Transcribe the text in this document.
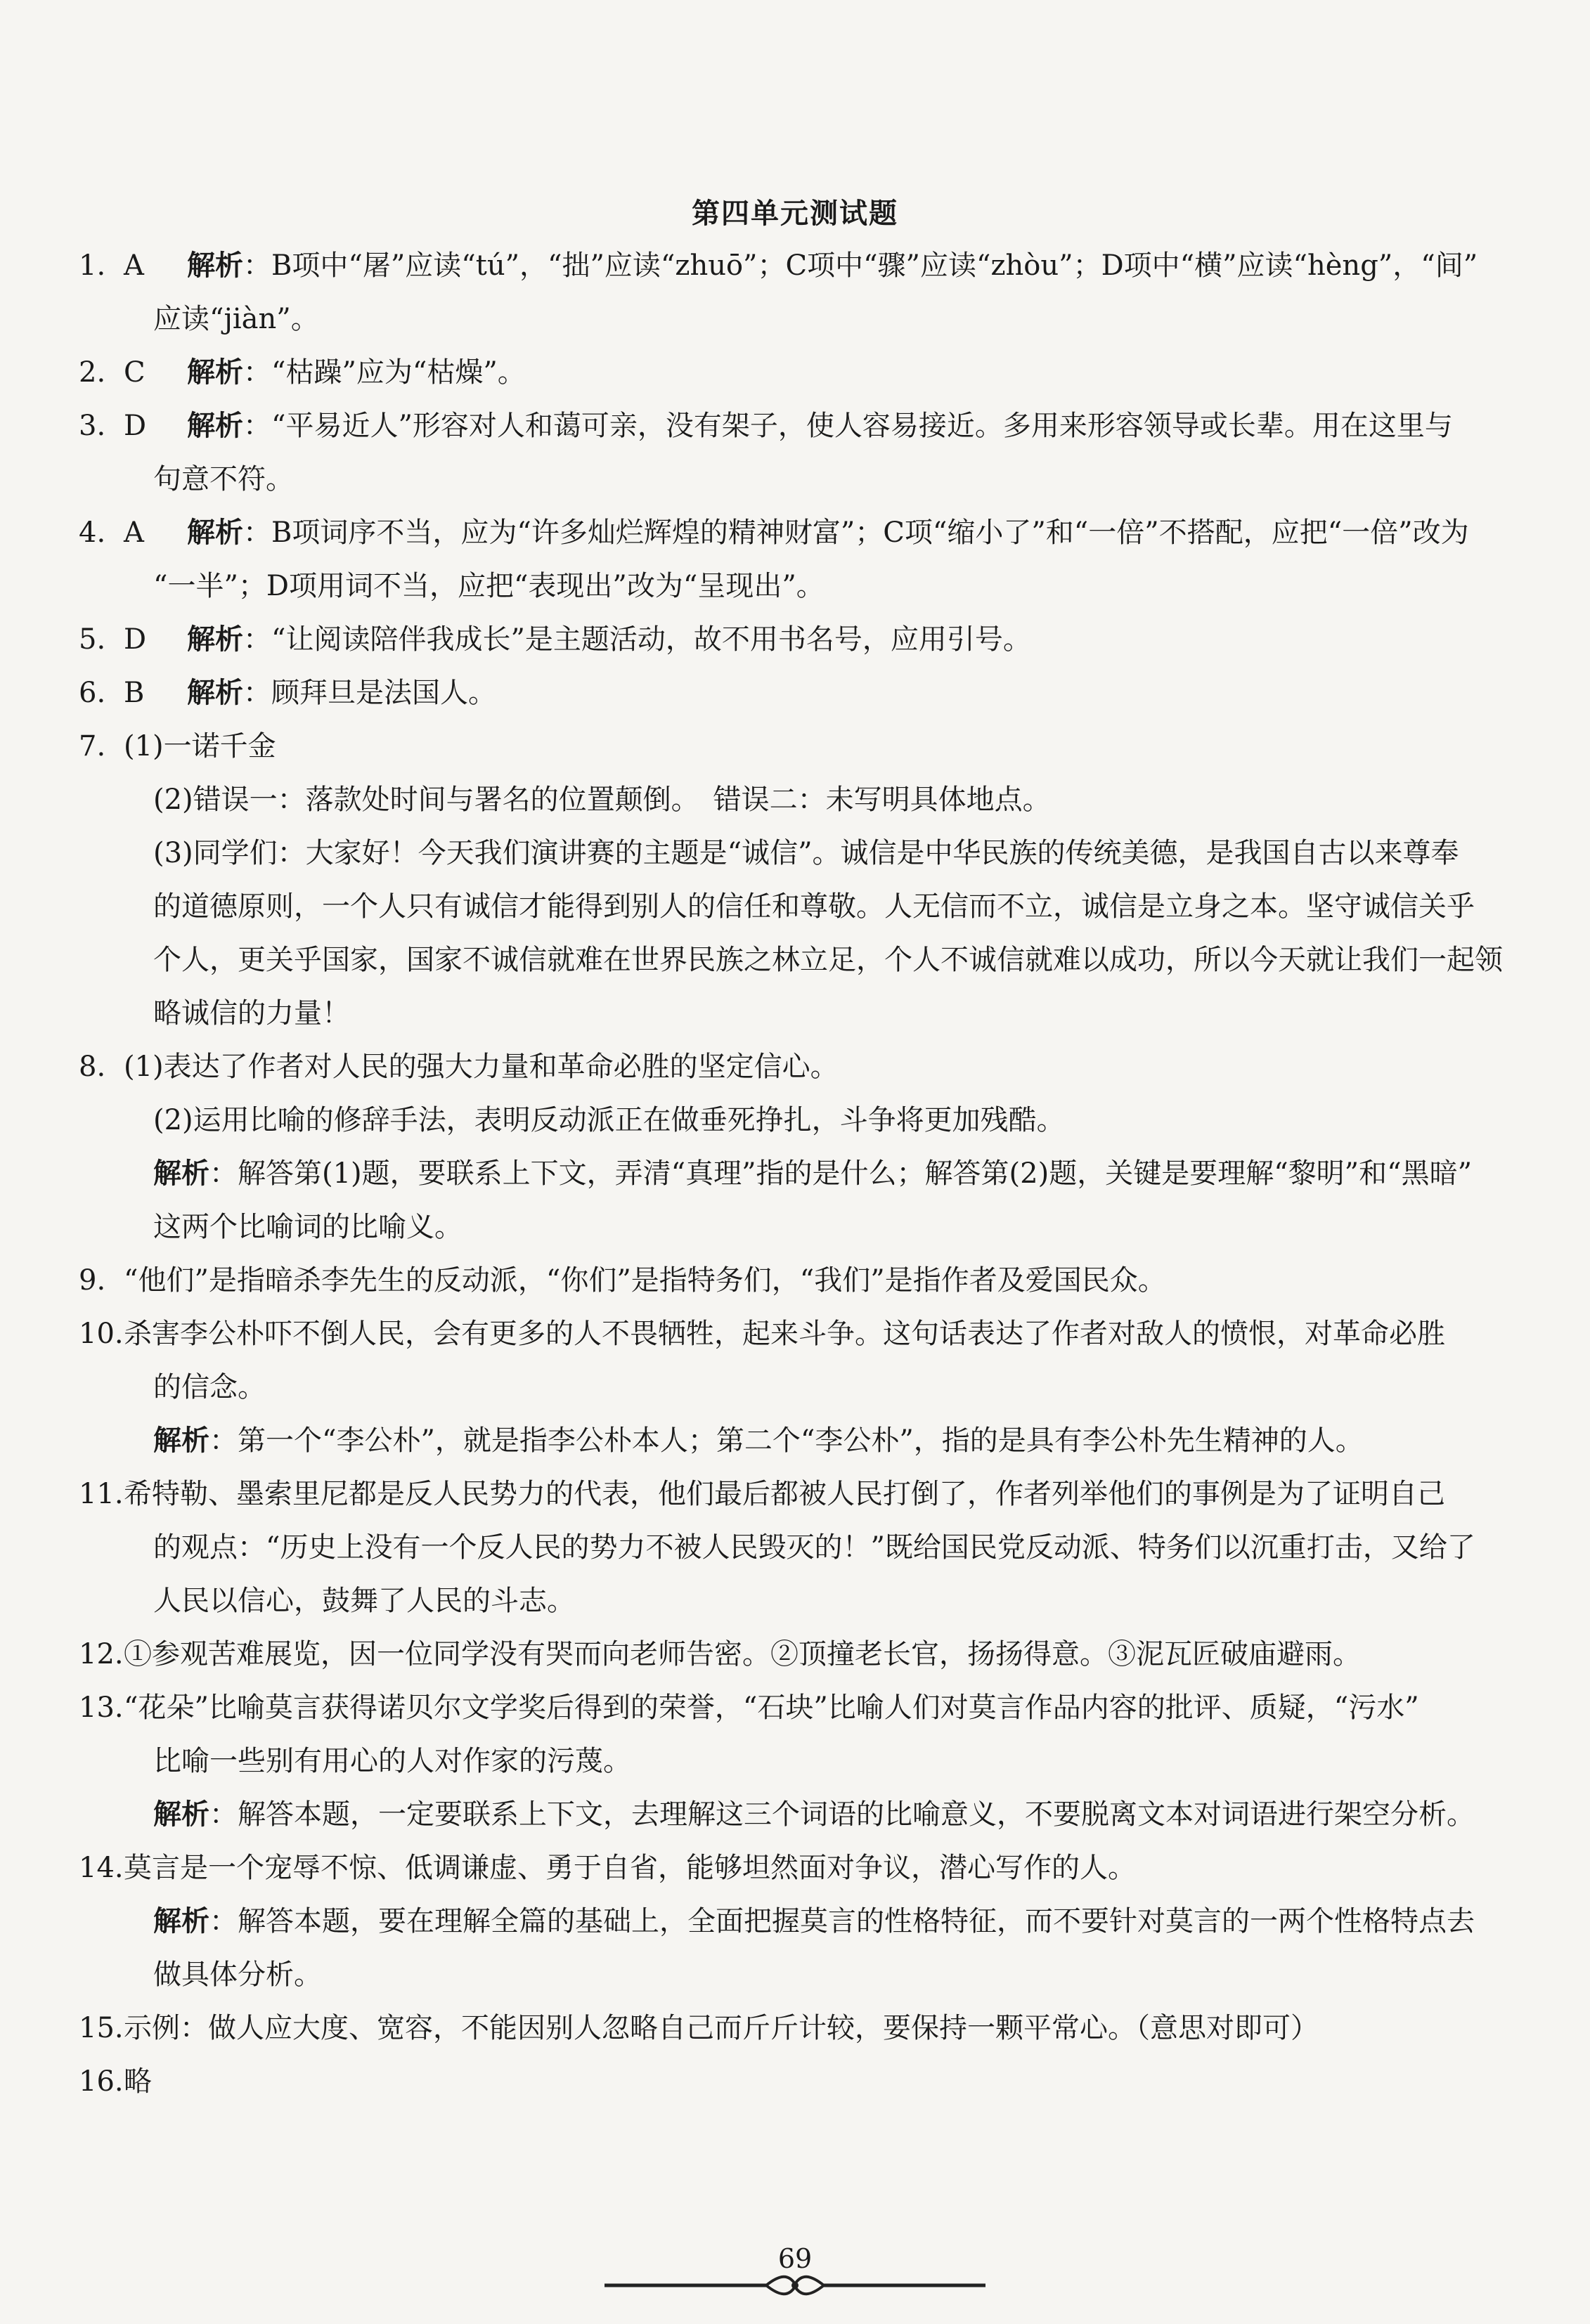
第四单元测试题
1. A 解析：B项中“屠”应读“tú”，“拙”应读“zhuō”；C项中“骤”应读“zhòu”；D项中“横”应读“hèng”，“间”
应读“jiàn”。
2. C 解析：“枯躁”应为“枯燥”。
3. D 解析：“平易近人”形容对人和蔼可亲，没有架子，使人容易接近。多用来形容领导或长辈。用在这里与
句意不符。
4. A 解析：B项词序不当，应为“许多灿烂辉煌的精神财富”；C项“缩小了”和“一倍”不搭配，应把“一倍”改为
“一半”；D项用词不当，应把“表现出”改为“呈现出”。
5. D 解析：“让阅读陪伴我成长”是主题活动，故不用书名号，应用引号。
6. B 解析：顾拜旦是法国人。
7. (1)一诺千金
(2)错误一：落款处时间与署名的位置颠倒。　错误二：未写明具体地点。
(3)同学们：大家好！今天我们演讲赛的主题是“诚信”。诚信是中华民族的传统美德，是我国自古以来尊奉
的道德原则，一个人只有诚信才能得到别人的信任和尊敬。人无信而不立，诚信是立身之本。坚守诚信关乎
个人，更关乎国家，国家不诚信就难在世界民族之林立足，个人不诚信就难以成功，所以今天就让我们一起领
略诚信的力量！
8. (1)表达了作者对人民的强大力量和革命必胜的坚定信心。
(2)运用比喻的修辞手法，表明反动派正在做垂死挣扎，斗争将更加残酷。
解析：解答第(1)题，要联系上下文，弄清“真理”指的是什么；解答第(2)题，关键是要理解“黎明”和“黑暗”
这两个比喻词的比喻义。
9. “他们”是指暗杀李先生的反动派，“你们”是指特务们，“我们”是指作者及爱国民众。
10.杀害李公朴吓不倒人民，会有更多的人不畏牺牲，起来斗争。这句话表达了作者对敌人的愤恨，对革命必胜
的信念。
解析：第一个“李公朴”，就是指李公朴本人；第二个“李公朴”，指的是具有李公朴先生精神的人。
11.希特勒、墨索里尼都是反人民势力的代表，他们最后都被人民打倒了，作者列举他们的事例是为了证明自己
的观点：“历史上没有一个反人民的势力不被人民毁灭的！”既给国民党反动派、特务们以沉重打击，又给了
人民以信心，鼓舞了人民的斗志。
12.①参观苦难展览，因一位同学没有哭而向老师告密。②顶撞老长官，扬扬得意。③泥瓦匠破庙避雨。
13.“花朵”比喻莫言获得诺贝尔文学奖后得到的荣誉，“石块”比喻人们对莫言作品内容的批评、质疑，“污水”
比喻一些别有用心的人对作家的污蔑。
解析：解答本题，一定要联系上下文，去理解这三个词语的比喻意义，不要脱离文本对词语进行架空分析。
14.莫言是一个宠辱不惊、低调谦虚、勇于自省，能够坦然面对争议，潜心写作的人。
解析：解答本题，要在理解全篇的基础上，全面把握莫言的性格特征，而不要针对莫言的一两个性格特点去
做具体分析。
15.示例：做人应大度、宽容，不能因别人忽略自己而斤斤计较，要保持一颗平常心。（意思对即可）
16.略
69
